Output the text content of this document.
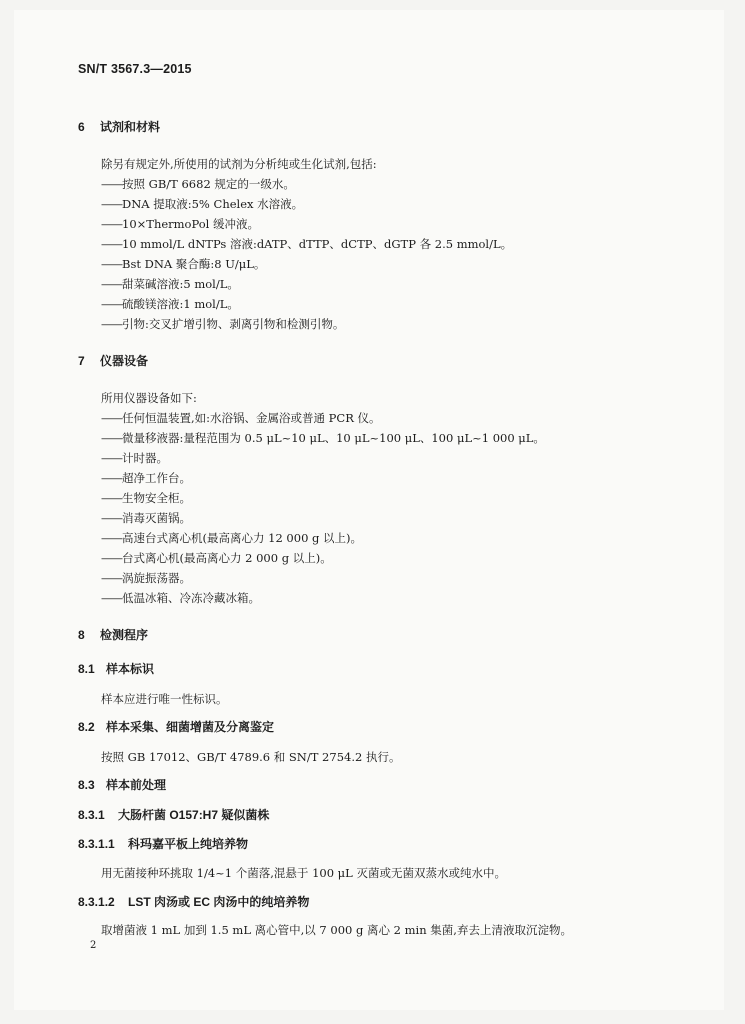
SN/T 3567.3—2015
6 试剂和材料
除另有规定外,所使用的试剂为分析纯或生化试剂,包括:
——按照 GB/T 6682 规定的一级水。
——DNA 提取液:5% Chelex 水溶液。
——10×ThermoPol 缓冲液。
——10 mmol/L dNTPs 溶液:dATP、dTTP、dCTP、dGTP 各 2.5 mmol/L。
——Bst DNA 聚合酶:8 U/μL。
——甜菜碱溶液:5 mol/L。
——硫酸镁溶液:1 mol/L。
——引物:交叉扩增引物、剥离引物和检测引物。
7 仪器设备
所用仪器设备如下:
——任何恒温装置,如:水浴锅、金属浴或普通 PCR 仪。
——微量移液器:量程范围为 0.5 μL~10 μL、10 μL~100 μL、100 μL~1 000 μL。
——计时器。
——超净工作台。
——生物安全柜。
——消毒灭菌锅。
——高速台式离心机(最高离心力 12 000 g 以上)。
——台式离心机(最高离心力 2 000 g 以上)。
——涡旋振荡器。
——低温冰箱、冷冻冷藏冰箱。
8 检测程序
8.1 样本标识
样本应进行唯一性标识。
8.2 样本采集、细菌增菌及分离鉴定
按照 GB 17012、GB/T 4789.6 和 SN/T 2754.2 执行。
8.3 样本前处理
8.3.1 大肠杆菌 O157:H7 疑似菌株
8.3.1.1 科玛嘉平板上纯培养物
用无菌接种环挑取 1/4~1 个菌落,混悬于 100 μL 灭菌或无菌双蒸水或纯水中。
8.3.1.2 LST 肉汤或 EC 肉汤中的纯培养物
取增菌液 1 mL 加到 1.5 mL 离心管中,以 7 000 g 离心 2 min 集菌,弃去上清液取沉淀物。
2
